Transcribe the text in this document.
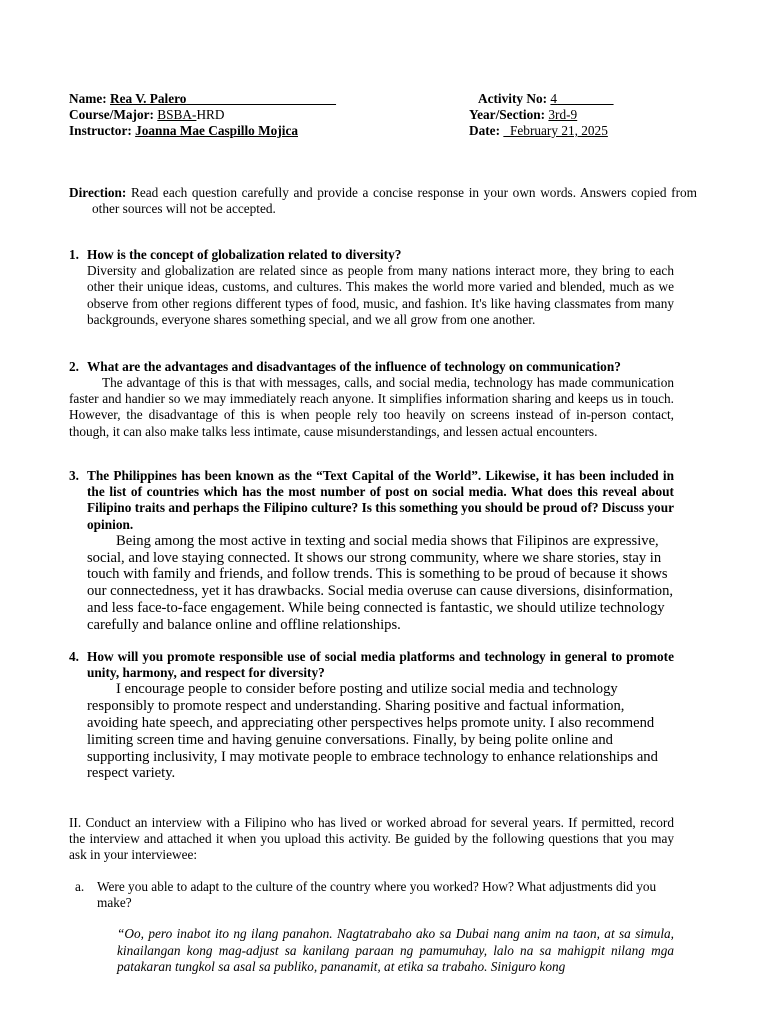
Name: Rea V. Palero	Activity No: 4
Course/Major: BSBA-HRD	Year/Section: 3rd-9
Instructor: Joanna Mae Caspillo Mojica	Date:   February 21, 2025
Direction: Read each question carefully and provide a concise response in your own words. Answers copied from other sources will not be accepted.
1. How is the concept of globalization related to diversity?
Diversity and globalization are related since as people from many nations interact more, they bring to each other their unique ideas, customs, and cultures. This makes the world more varied and blended, much as we observe from other regions different types of food, music, and fashion. It's like having classmates from many backgrounds, everyone shares something special, and we all grow from one another.
2. What are the advantages and disadvantages of the influence of technology on communication?
The advantage of this is that with messages, calls, and social media, technology has made communication faster and handier so we may immediately reach anyone. It simplifies information sharing and keeps us in touch. However, the disadvantage of this is when people rely too heavily on screens instead of in-person contact, though, it can also make talks less intimate, cause misunderstandings, and lessen actual encounters.
3. The Philippines has been known as the “Text Capital of the World”. Likewise, it has been included in the list of countries which has the most number of post on social media. What does this reveal about Filipino traits and perhaps the Filipino culture? Is this something you should be proud of? Discuss your opinion.
Being among the most active in texting and social media shows that Filipinos are expressive, social, and love staying connected. It shows our strong community, where we share stories, stay in touch with family and friends, and follow trends. This is something to be proud of because it shows our connectedness, yet it has drawbacks. Social media overuse can cause diversions, disinformation, and less face-to-face engagement. While being connected is fantastic, we should utilize technology carefully and balance online and offline relationships.
4. How will you promote responsible use of social media platforms and technology in general to promote unity, harmony, and respect for diversity?
I encourage people to consider before posting and utilize social media and technology responsibly to promote respect and understanding. Sharing positive and factual information, avoiding hate speech, and appreciating other perspectives helps promote unity. I also recommend limiting screen time and having genuine conversations. Finally, by being polite online and supporting inclusivity, I may motivate people to embrace technology to enhance relationships and respect variety.
II. Conduct an interview with a Filipino who has lived or worked abroad for several years. If permitted, record the interview and attached it when you upload this activity. Be guided by the following questions that you may ask in your interviewee:
a. Were you able to adapt to the culture of the country where you worked? How? What adjustments did you make?
“Oo, pero inabot ito ng ilang panahon. Nagtatrabaho ako sa Dubai nang anim na taon, at sa simula, kinailangan kong mag-adjust sa kanilang paraan ng pamumuhay, lalo na sa mahigpit nilang mga patakaran tungkol sa asal sa publiko, pananamit, at etika sa trabaho. Siniguro kong
